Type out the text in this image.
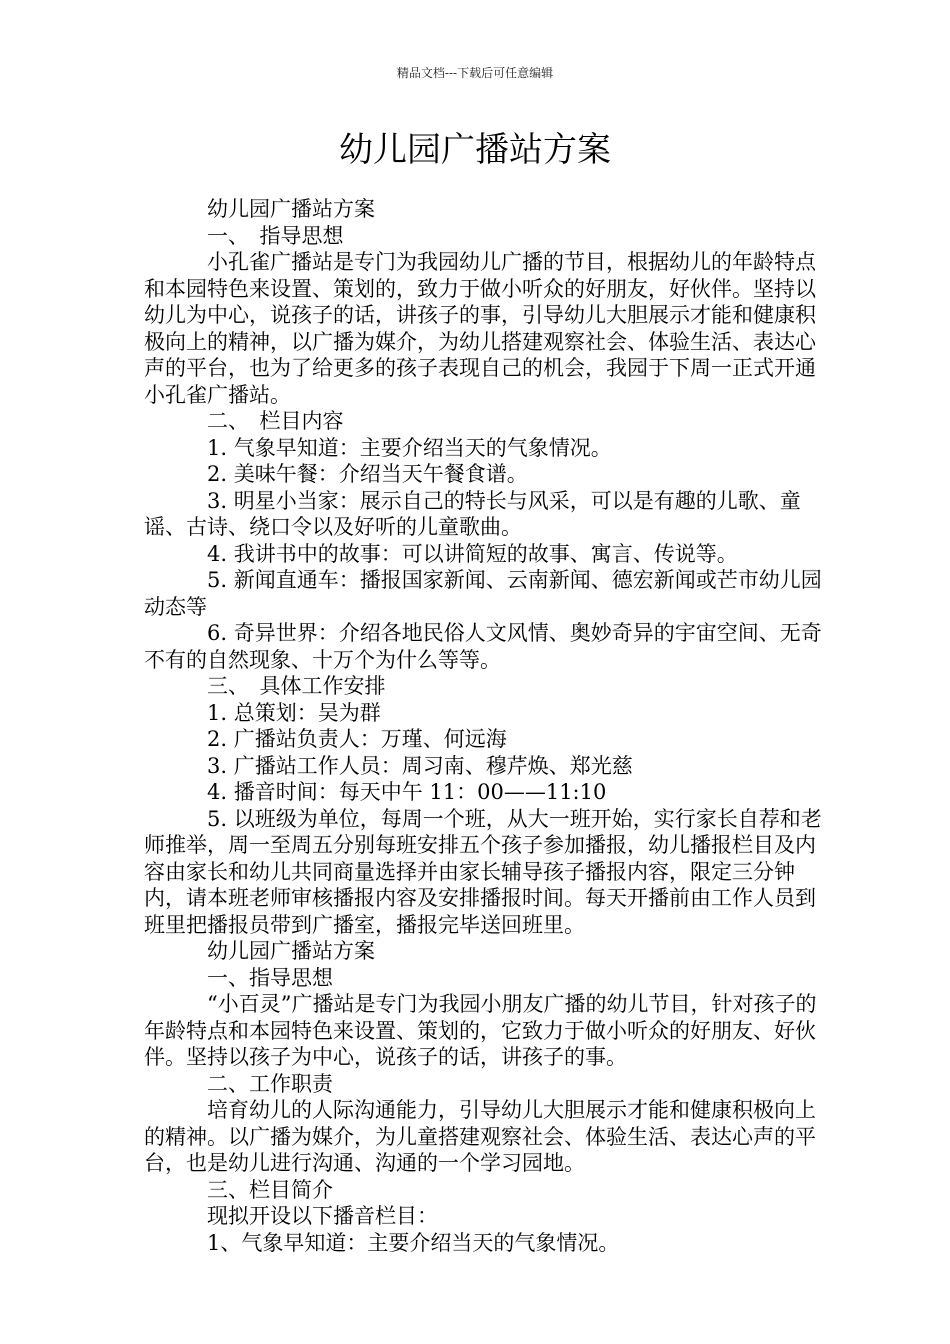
精品文档---下载后可任意编辑
幼儿园广播站方案

　　　幼儿园广播站方案

　　　一、　指导思想

　　　小孔雀广播站是专门为我园幼儿广播的节目，根据幼儿的年龄特点和本园特色来设置、策划的，致力于做小听众的好朋友，好伙伴。坚持以幼儿为中心，说孩子的话，讲孩子的事，引导幼儿大胆展示才能和健康积极向上的精神，以广播为媒介，为幼儿搭建观察社会、体验生活、表达心声的平台，也为了给更多的孩子表现自己的机会，我园于下周一正式开通小孔雀广播站。

　　　二、　栏目内容

　　　1. 气象早知道：主要介绍当天的气象情况。

　　　2. 美味午餐：介绍当天午餐食谱。

　　　3. 明星小当家：展示自己的特长与风采，可以是有趣的儿歌、童谣、古诗、绕口令以及好听的儿童歌曲。

　　　4. 我讲书中的故事：可以讲简短的故事、寓言、传说等。

　　　5. 新闻直通车：播报国家新闻、云南新闻、德宏新闻或芒市幼儿园动态等

　　　6. 奇异世界：介绍各地民俗人文风情、奥妙奇异的宇宙空间、无奇不有的自然现象、十万个为什么等等。

　　　三、　具体工作安排

　　　1. 总策划：吴为群

　　　2. 广播站负责人：万瑾、何远海

　　　3. 广播站工作人员：周习南、穆芹焕、郑光慈

　　　4. 播音时间：每天中午 11：00——11:10

　　　5. 以班级为单位，每周一个班，从大一班开始，实行家长自荐和老师推举，周一至周五分别每班安排五个孩子参加播报，幼儿播报栏目及内容由家长和幼儿共同商量选择并由家长辅导孩子播报内容，限定三分钟内，请本班老师审核播报内容及安排播报时间。每天开播前由工作人员到班里把播报员带到广播室，播报完毕送回班里。

　　　幼儿园广播站方案

　　　一、指导思想

　　　“小百灵”广播站是专门为我园小朋友广播的幼儿节目，针对孩子的年龄特点和本园特色来设置、策划的，它致力于做小听众的好朋友、好伙伴。坚持以孩子为中心，说孩子的话，讲孩子的事。

　　　二、工作职责

　　　培育幼儿的人际沟通能力，引导幼儿大胆展示才能和健康积极向上的精神。以广播为媒介，为儿童搭建观察社会、体验生活、表达心声的平台，也是幼儿进行沟通、沟通的一个学习园地。

　　　三、栏目简介

　　　现拟开设以下播音栏目：

　　　1、气象早知道：主要介绍当天的气象情况。
